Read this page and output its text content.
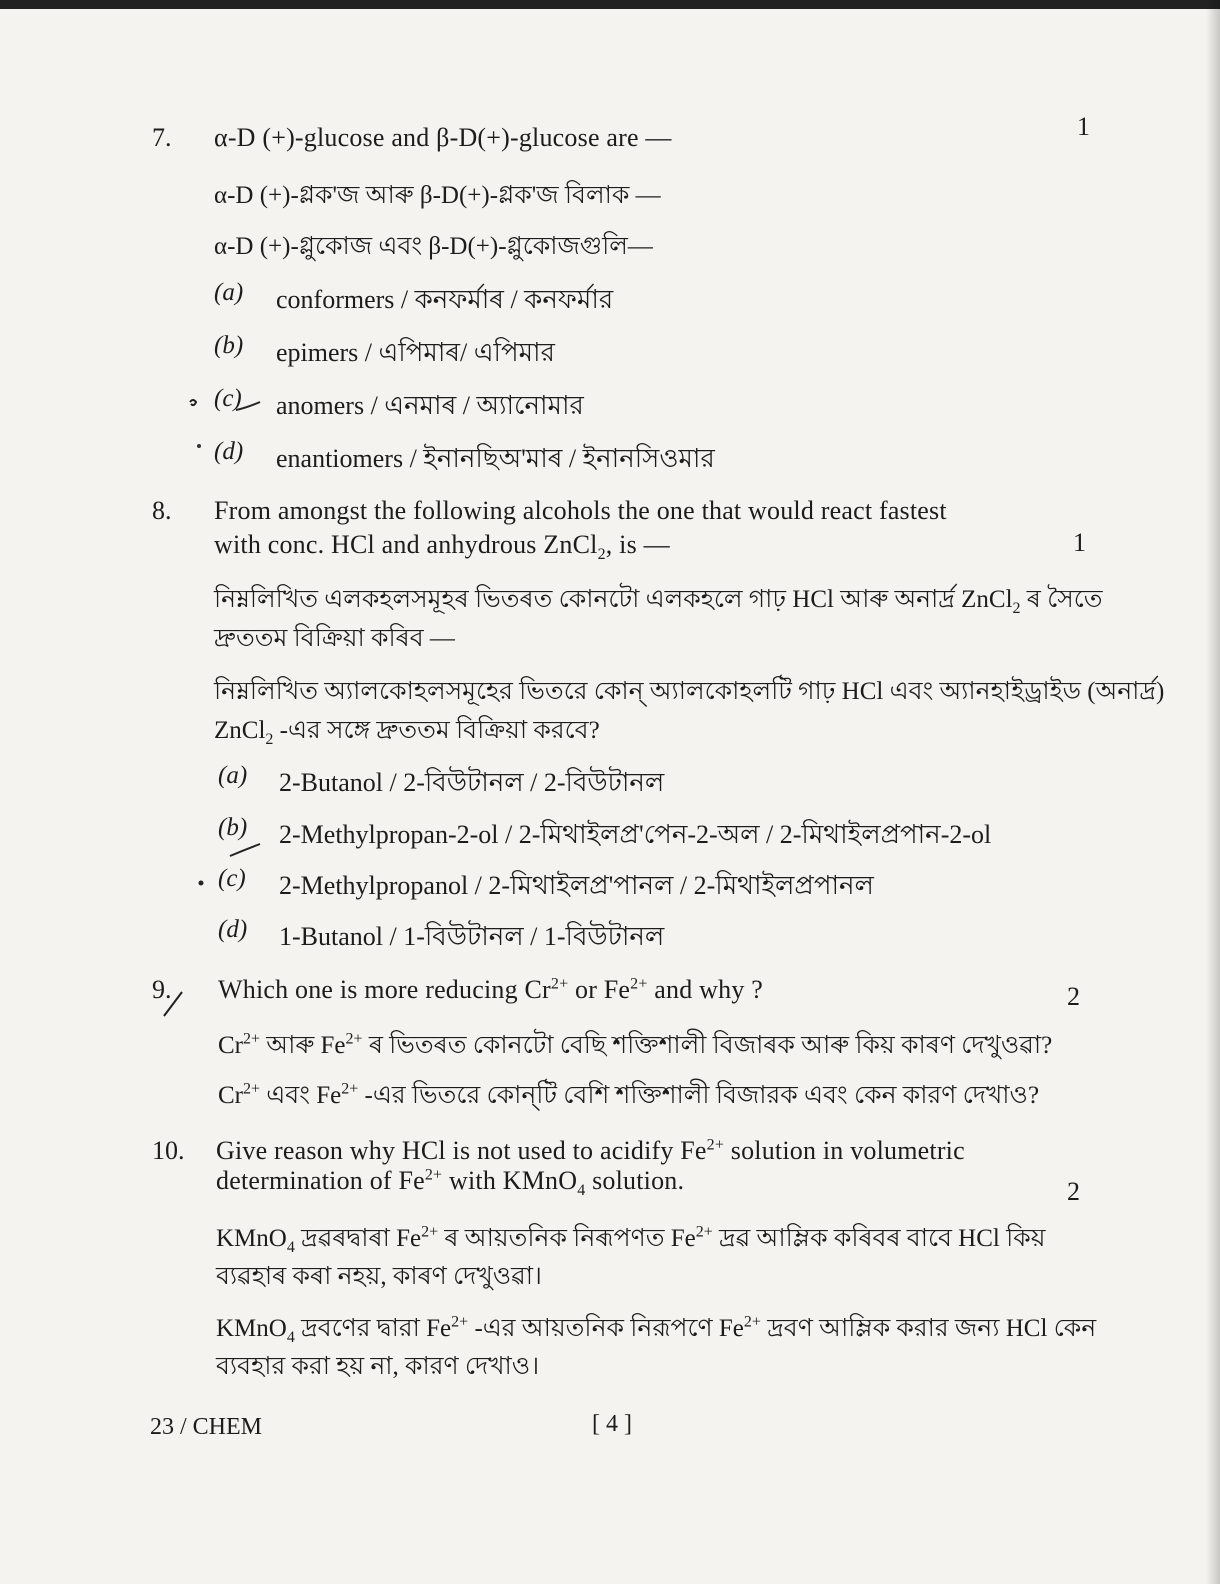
7. α-D (+)-glucose and β-D(+)-glucose are —	1
α-D (+)-গ্লক'জ আৰু β-D(+)-গ্লক'জ বিলাক —
α-D (+)-গ্লুকোজ এবং β-D(+)-গ্লুকোজগুলি—
(a) conformers / কনফৰ্মাৰ / কনফর্মার
(b) epimers / এপিমাৰ/ এপিমার
(c) anomers / এনমাৰ / অ্যানোমার
(d) enantiomers / ইনানছিঅ'মাৰ / ইনানসিওমার
8. From amongst the following alcohols the one that would react fastest
with conc. HCl and anhydrous ZnCl$_2$, is —	1
নিম্নলিখিত এলকহলসমূহৰ ভিতৰত কোনটো এলকহলে গাঢ় HCl আৰু অনাৰ্দ্ৰ ZnCl$_2$ ৰ সৈতে
দ্ৰুততম বিক্ৰিয়া কৰিব —
নিম্নলিখিত অ্যালকোহলসমূহের ভিতরে কোন্ অ্যালকোহলটি গাঢ় HCl এবং অ্যানহাইড্রাইড (অনার্দ্র)
ZnCl$_2$ -এর সঙ্গে দ্রুততম বিক্রিয়া করবে?
(a) 2-Butanol / 2-বিউটানল / 2-বিউটানল
(b) 2-Methylpropan-2-ol / 2-মিথাইলপ্ৰ'পেন-2-অল / 2-মিথাইলপ্রপান-2-ol
(c) 2-Methylpropanol / 2-মিথাইলপ্ৰ'পানল / 2-মিথাইলপ্রপানল
(d) 1-Butanol / 1-বিউটানল / 1-বিউটানল
9. Which one is more reducing $Cr^{2+}$ or $Fe^{2+}$ and why ?	2
$Cr^{2+}$ আৰু $Fe^{2+}$ ৰ ভিতৰত কোনটো বেছি শক্তিশালী বিজাৰক আৰু কিয় কাৰণ দেখুওৱা?
$Cr^{2+}$ এবং $Fe^{2+}$ -এর ভিতরে কোন্‌টি বেশি শক্তিশালী বিজারক এবং কেন কারণ দেখাও?
10. Give reason why HCl is not used to acidify $Fe^{2+}$ solution in volumetric
determination of $Fe^{2+}$ with KMnO$_4$ solution.	2
KMnO$_4$ দ্ৰৱৰদ্বাৰা $Fe^{2+}$ ৰ আয়তনিক নিৰূপণত $Fe^{2+}$ দ্ৰৱ আম্লিক কৰিবৰ বাবে HCl কিয়
ব্যৱহাৰ কৰা নহয়, কাৰণ দেখুওৱা।
KMnO$_4$ দ্রবণের দ্বারা $Fe^{2+}$ -এর আয়তনিক নিরূপণে $Fe^{2+}$ দ্রবণ আম্লিক করার জন্য HCl কেন
ব্যবহার করা হয় না, কারণ দেখাও।
23 / CHEM	[ 4 ]
